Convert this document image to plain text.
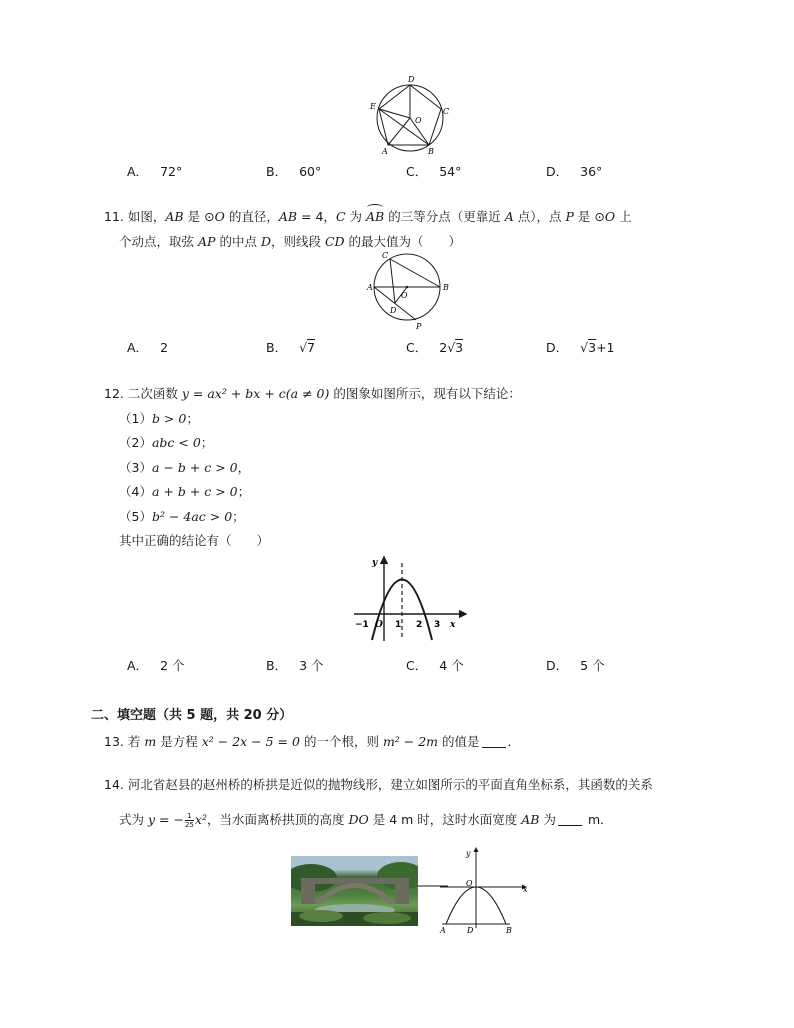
D
E
C
O
A	B
A． 72°	B． 60°	C． 54°	D． 36°
11. 如图，AB 是 ⊙O 的直径，AB = 4，C 为 AB 的三等分点（更靠近 A 点），点 P 是 ⊙O 上
个动点，取弦 AP 的中点 D，则线段 CD 的最大值为（　　）
C
A	B
O
D
P
A． 2	B． √7	C． 2√3	D． √3+1
12. 二次函数 y = ax² + bx + c(a ≠ 0) 的图象如图所示，现有以下结论：
（1）b > 0；
（2）abc < 0；
（3）a − b + c > 0，
（4）a + b + c > 0；
（5）b² − 4ac > 0；
其中正确的结论有（　　）
y
x
−1 O 1 2 3
A． 2 个	B． 3 个	C． 4 个	D． 5 个
二、填空题（共 5 题，共 20 分）
13. 若 m 是方程 x² − 2x − 5 = 0 的一个根，则 m² − 2m 的值是 ．
14. 河北省赵县的赵州桥的桥拱是近似的抛物线形，建立如图所示的平面直角坐标系，其函数的关系
式为 y = − $\frac{1}{25} x^2$，当水面离桥拱顶的高度 DO 是 4 m 时，这时水面宽度 AB 为	m．
y
x
O
A	D	B
